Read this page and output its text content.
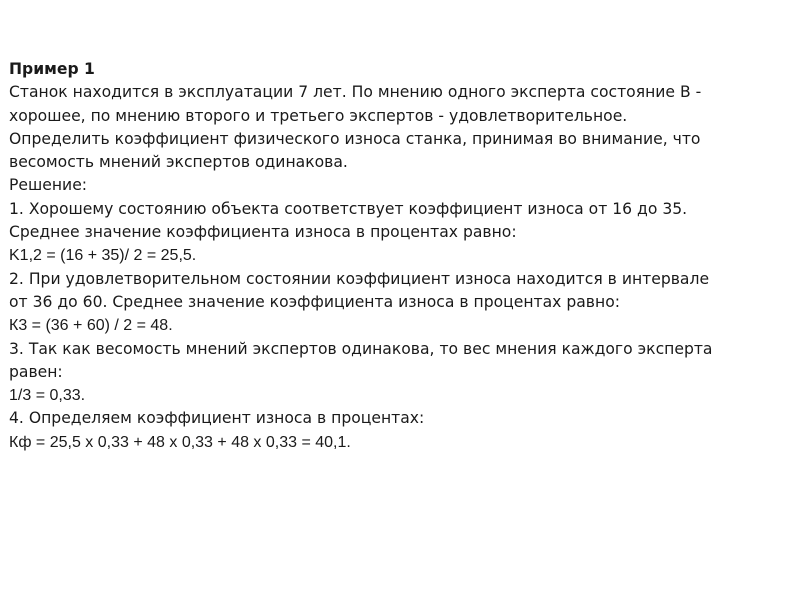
Пример 1
Станок находится в эксплуатации 7 лет. По мнению одного эксперта состояние В -
хорошее, по мнению второго и третьего экспертов - удовлетворительное.
Определить коэффициент физического износа станка, принимая во внимание, что
весомость мнений экспертов одинакова.
Решение:
1. Хорошему состоянию объекта соответствует коэффициент износа от 16 до 35.
Среднее значение коэффициента износа в процентах равно:
K1,2 = (16 + 35)/ 2 = 25,5.
2. При удовлетворительном состоянии коэффициент износа находится в интервале
от 36 до 60. Среднее значение коэффициента износа в процентах равно:
К3 = (36 + 60) / 2 = 48.
3. Так как весомость мнений экспертов одинакова, то вес мнения каждого эксперта
равен:
1/3 = 0,33.
4. Определяем коэффициент износа в процентах:
Кф = 25,5 х 0,33 + 48 х 0,33 + 48 х 0,33 = 40,1.
